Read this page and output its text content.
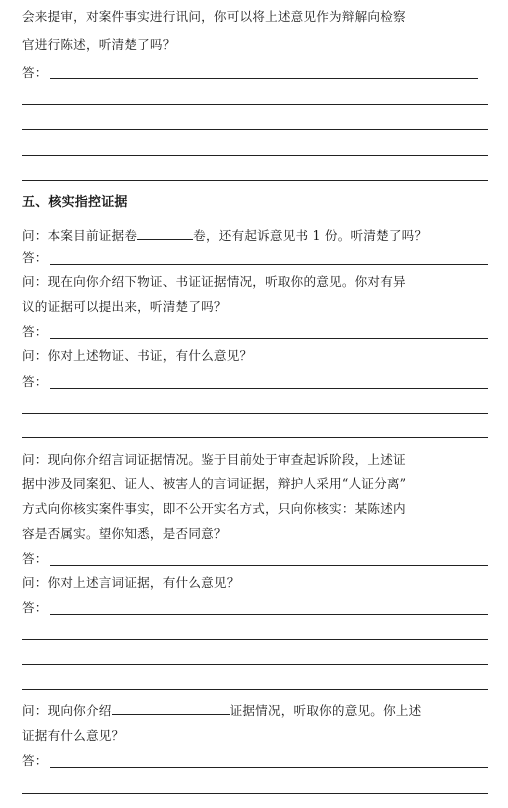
会来提审，对案件事实进行讯问，你可以将上述意见作为辩解向检察
官进行陈述，听清楚了吗？
答：
五、核实指控证据
问：本案目前证据卷	卷，还有起诉意见书 1 份。听清楚了吗？
答：
问：现在向你介绍下物证、书证证据情况，听取你的意见。你对有异
议的证据可以提出来，听清楚了吗？
答：
问：你对上述物证、书证，有什么意见？
答：
问：现向你介绍言词证据情况。鉴于目前处于审查起诉阶段，上述证
据中涉及同案犯、证人、被害人的言词证据，辩护人采用“人证分离”
方式向你核实案件事实，即不公开实名方式，只向你核实：某陈述内
容是否属实。望你知悉，是否同意？
答：
问：你对上述言词证据，有什么意见？
答：
问：现向你介绍	证据情况，听取你的意见。你上述
证据有什么意见？
答：
